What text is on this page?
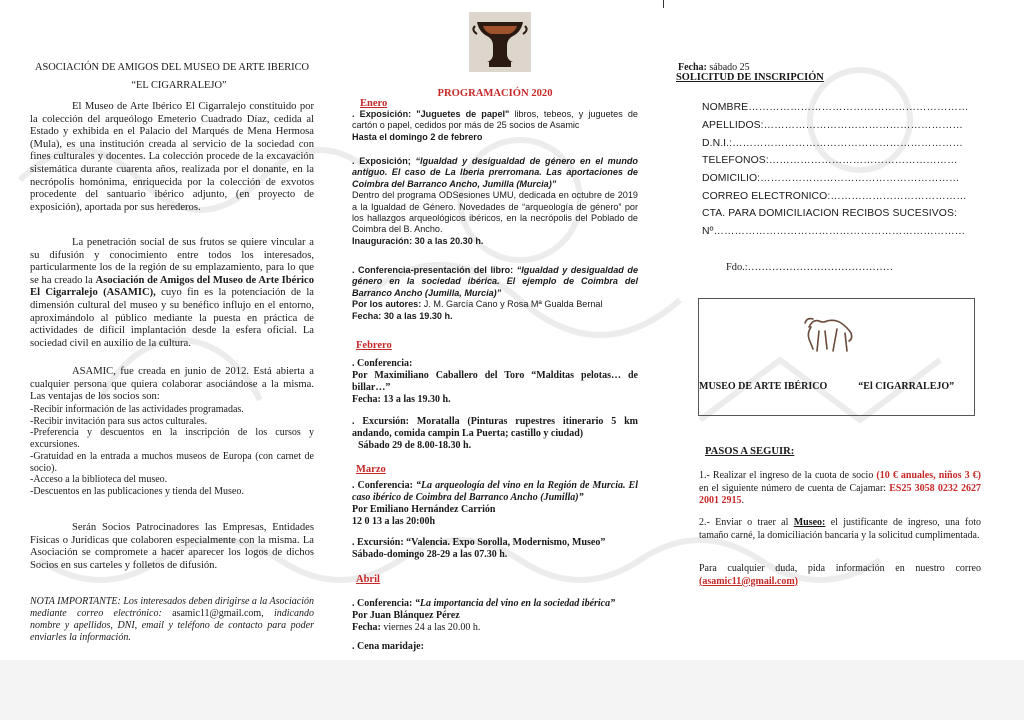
ASOCIACIÓN DE AMIGOS DEL MUSEO DE ARTE IBERICO
“EL CIGARRALEJO”

El Museo de Arte Ibérico El Cigarralejo constituido por la colección del arqueólogo Emeterio Cuadrado Díaz, cedida al Estado y exhibida en el Palacio del Marqués de Mena Hermosa (Mula), es una institución creada al servicio de la sociedad con fines culturales y docentes. La colección procede de la excavación sistemática durante cuarenta años, realizada por el donante, en la necrópolis homónima, enriquecida por la colección de exvotos procedente del santuario ibérico adjunto, (en proyecto de exposición), aportada por sus herederos.

La penetración social de sus frutos se quiere vincular a su difusión y conocimiento entre todos los interesados, particularmente los de la región de su emplazamiento, para lo que se ha creado la Asociación de Amigos del Museo de Arte Ibérico El Cigarralejo (ASAMIC), cuyo fin es la potenciación de la dimensión cultural del museo y su benéfico influjo en el entorno, aproximándolo al público mediante la puesta en práctica de actividades de difícil implantación desde la esfera oficial. La sociedad civil en auxilio de la cultura.

ASAMIC, fue creada en junio de 2012. Está abierta a cualquier persona que quiera colaborar asociándose a la misma. Las ventajas de los socios son:

-Recibir información de las actividades programadas.
-Recibir invitación para sus actos culturales.
-Preferencia y descuentos en la inscripción de los cursos y excursiones.
-Gratuidad en la entrada a muchos museos de Europa (con carnet de socio).
-Acceso a la biblioteca del museo.
-Descuentos en las publicaciones y tienda del Museo.

Serán Socios Patrocinadores las Empresas, Entidades Físicas o Jurídicas que colaboren especialmente con la misma. La Asociación se compromete a hacer aparecer los logos de dichos Socios en sus carteles y folletos de difusión.

NOTA IMPORTANTE: Los interesados deben dirigirse a la Asociación mediante correo electrónico: asamic11@gmail.com, indicando nombre y apellidos, DNI, email y teléfono de contacto para poder enviarles la información.

PROGRAMACIÓN 2020
Enero
. Exposición: "Juguetes de papel" libros, tebeos, y juguetes de cartón o papel, cedidos por más de 25 socios de Asamic
Hasta el domingo 2 de febrero
. Exposición; “Igualdad y desigualdad de género en el mundo antiguo. El caso de La Iberia prerromana. Las aportaciones de Coimbra del Barranco Ancho, Jumilla (Murcia)”
Dentro del programa ODSesiones UMU, dedicada en octubre de 2019 a la Igualdad de Género. Novedades de “arqueología de género” por los hallazgos arqueológicos ibéricos, en la necrópolis del Poblado de Coimbra del B. Ancho.
Inauguración: 30 a las 20.30 h.
. Conferencia-presentación del libro: “Igualdad y desigualdad de género en la sociedad ibérica. El ejemplo de Coimbra del Barranco Ancho (Jumilla, Murcia)”
Por los autores: J. M. García Cano y Rosa Mª Gualda Bernal
Fecha: 30 a las 19.30 h.
Febrero
. Conferencia:
Por Maximiliano Caballero del Toro “Malditas pelotas… de billar…”
Fecha: 13 a las 19.30 h.
. Excursión: Moratalla (Pinturas rupestres itinerario 5 km andando, comida campin La Puerta; castillo y ciudad)
Sábado 29 de 8.00-18.30 h.
Marzo
. Conferencia: “La arqueología del vino en la Región de Murcia. El caso ibérico de Coimbra del Barranco Ancho (Jumilla)”
Por Emiliano Hernández Carrión
12 0 13 a las 20:00h
. Excursión: “Valencia. Expo Sorolla, Modernismo, Museo”
Sábado-domingo 28-29 a las 07.30 h.
Abril
. Conferencia: “La importancia del vino en la sociedad ibérica”
Por Juan Blánquez Pérez
Fecha: viernes 24 a las 20.00 h.
. Cena maridaje:
Fecha: sábado 25
SOLICITUD DE INSCRIPCIÓN
NOMBRE………………………………………………………
APELLIDOS:…………………………………………………
D.N.I.:…………………………………………………………
TELÉFONOS:………………………………………………
DOMICILIO:…………………………………………………
CORREO ELECTRÓNICO:…………………………………
CTA. PARA DOMICILIACIÓN RECIBOS SUCESIVOS:
Nº………………………………………………………………
Fdo.:……………………………………
MUSEO DE ARTE IBÉRICO	“El CIGARRALEJO”
PASOS A SEGUIR:

1.- Realizar el ingreso de la cuota de socio (10 € anuales, niños 3 €) en el siguiente número de cuenta de Cajamar: ES25 3058 0232 2627 2001 2915.

2.- Enviar o traer al Museo: el justificante de ingreso, una foto tamaño carné, la domiciliación bancaria y la solicitud cumplimentada.

Para cualquier duda, pida información en nuestro correo (asamic11@gmail.com)
